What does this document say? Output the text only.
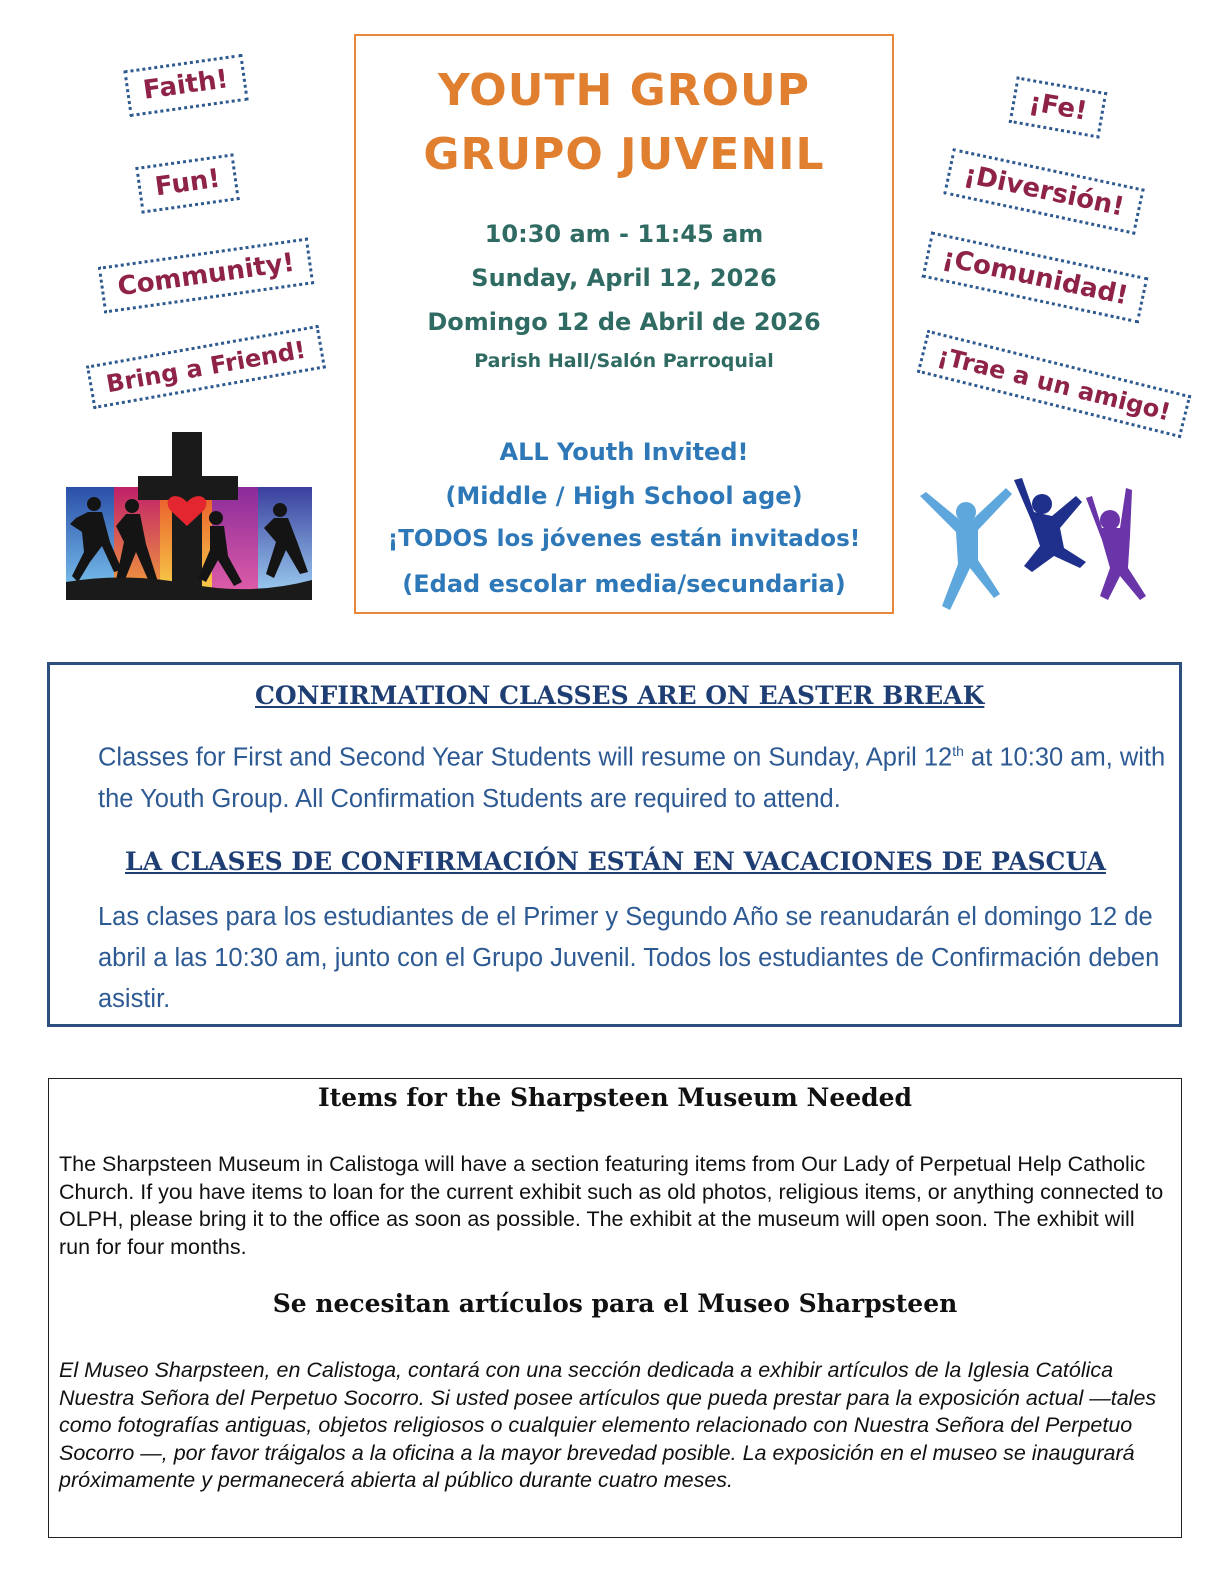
Faith!
Fun!
Community!
Bring a Friend!
YOUTH GROUP
GRUPO JUVENIL
10:30 am - 11:45 am
Sunday, April 12, 2026
Domingo 12 de Abril de 2026
Parish Hall/Salón Parroquial
ALL Youth Invited!
(Middle / High School age)
¡TODOS los jóvenes están invitados!
(Edad escolar media/secundaria)
¡Fe!
¡Diversión!
¡Comunidad!
¡Trae a un amigo!
CONFIRMATION CLASSES ARE ON EASTER BREAK

Classes for First and Second Year Students will resume on Sunday, April 12th at 10:30 am, with the Youth Group. All Confirmation Students are required to attend.

LA CLASES DE CONFIRMACIÓN ESTÁN EN VACACIONES DE PASCUA

Las clases para los estudiantes de el Primer y Segundo Año se reanudarán el domingo 12 de abril a las 10:30 am, junto con el Grupo Juvenil. Todos los estudiantes de Confirmación deben asistir.

Items for the Sharpsteen Museum Needed

The Sharpsteen Museum in Calistoga will have a section featuring items from Our Lady of Perpetual Help Catholic Church. If you have items to loan for the current exhibit such as old photos, religious items, or anything connected to OLPH, please bring it to the office as soon as possible. The exhibit at the museum will open soon. The exhibit will run for four months.

Se necesitan artículos para el Museo Sharpsteen

El Museo Sharpsteen, en Calistoga, contará con una sección dedicada a exhibir artículos de la Iglesia Católica Nuestra Señora del Perpetuo Socorro. Si usted posee artículos que pueda prestar para la exposición actual —tales como fotografías antiguas, objetos religiosos o cualquier elemento relacionado con Nuestra Señora del Perpetuo Socorro —, por favor tráigalos a la oficina a la mayor brevedad posible. La exposición en el museo se inaugurará próximamente y permanecerá abierta al público durante cuatro meses.
